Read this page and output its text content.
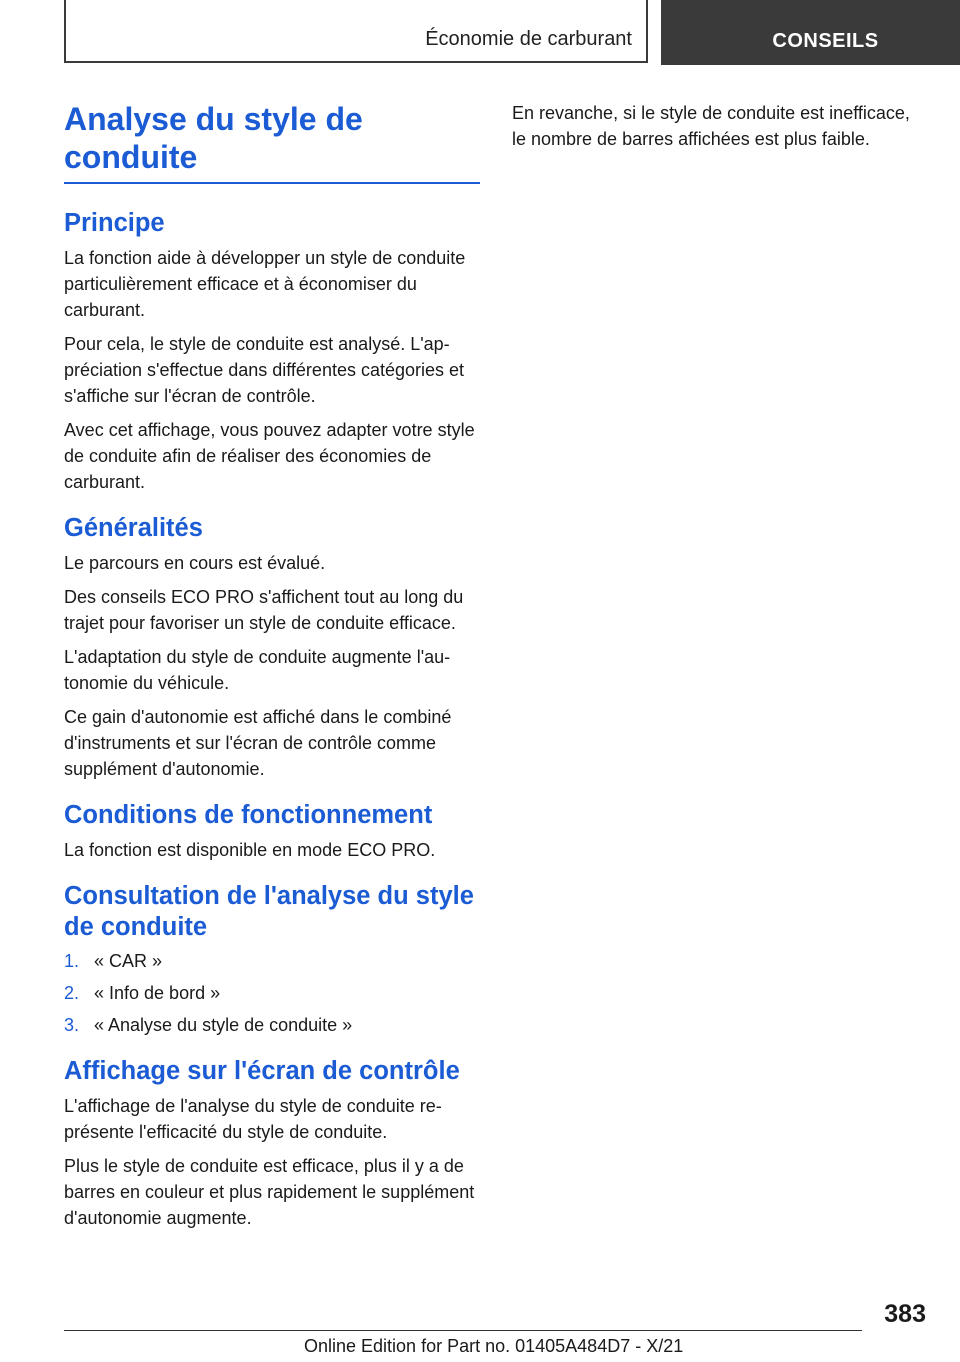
Économie de carburant	CONSEILS
Analyse du style de conduite
Principe

La fonction aide à développer un style de conduite particulièrement efficace et à économiser du carburant.

Pour cela, le style de conduite est analysé. L'appréciation s'effectue dans différentes catégories et s'affiche sur l'écran de contrôle.

Avec cet affichage, vous pouvez adapter votre style de conduite afin de réaliser des économies de carburant.

Généralités

Le parcours en cours est évalué.

Des conseils ECO PRO s'affichent tout au long du trajet pour favoriser un style de conduite efficace.

L'adaptation du style de conduite augmente l'autonomie du véhicule.

Ce gain d'autonomie est affiché dans le combiné d'instruments et sur l'écran de contrôle comme supplément d'autonomie.

Conditions de fonctionnement

La fonction est disponible en mode ECO PRO.

Consultation de l'analyse du style de conduite
1. « CAR »
2. « Info de bord »
3. « Analyse du style de conduite »
Affichage sur l'écran de contrôle

L'affichage de l'analyse du style de conduite représente l'efficacité du style de conduite.

Plus le style de conduite est efficace, plus il y a de barres en couleur et plus rapidement le supplément d'autonomie augmente.

En revanche, si le style de conduite est inefficace, le nombre de barres affichées est plus faible.

383
Online Edition for Part no. 01405A484D7 - X/21
